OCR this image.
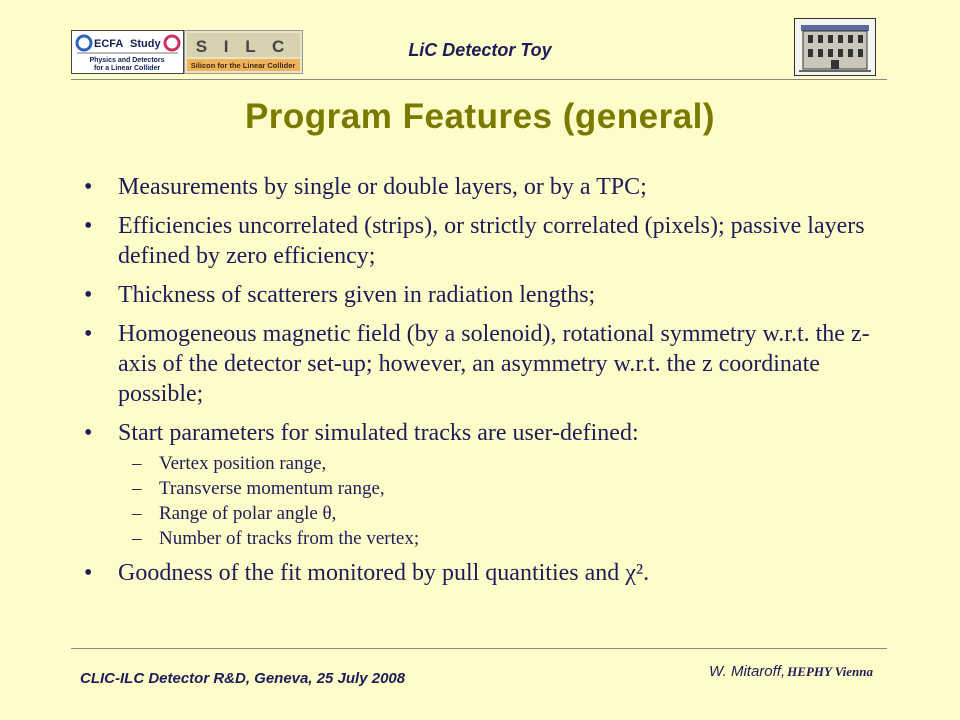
ECFA Study
Physics and Detectors
for a Linear Collider
S I L C
Silicon for the Linear Collider
LiC Detector Toy
Program Features (general)
• Measurements by single or double layers, or by a TPC;
• Efficiencies uncorrelated (strips), or strictly correlated (pixels); passive layers defined by zero efficiency;
• Thickness of scatterers given in radiation lengths;
• Homogeneous magnetic field (by a solenoid), rotational symmetry w.r.t. the z-axis of the detector set-up; however, an asymmetry w.r.t. the z coordinate possible;
• Start parameters for simulated tracks are user-defined:
– Vertex position range,
– Transverse momentum range,
– Range of polar angle θ,
– Number of tracks from the vertex;
• Goodness of the fit monitored by pull quantities and χ².
CLIC-ILC Detector R&D, Geneva, 25 July 2008	W. Mitaroff, HEPHY Vienna
